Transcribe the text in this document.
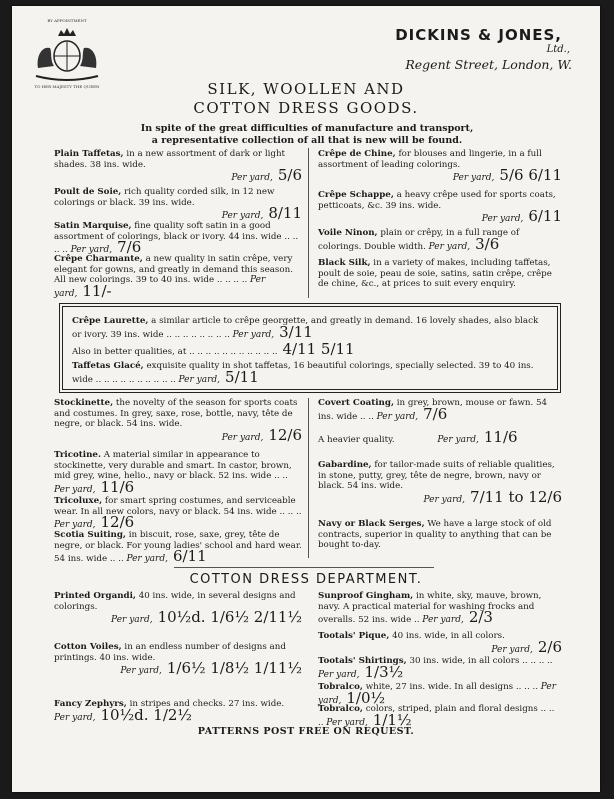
BY APPOINTMENT
TO HER MAJESTY THE QUEEN
DICKINS & JONES,
Ltd.,
Regent Street, London, W.
SILK, WOOLLEN AND
COTTON DRESS GOODS.
In spite of the great difficulties of manufacture and transport,
a representative collection of all that is new will be found.
Plain Taffetas, in a new assortment of dark or light shades. 38 ins. wide.
Per yard, 5/6
Poult de Soie, rich quality corded silk, in 12 new colorings or black. 39 ins. wide.
Per yard, 8/11
Satin Marquise, fine quality soft satin in a good assortment of colorings, black or ivory. 44 ins. wide .. .. .. .. Per yard, 7/6
Crêpe Charmante, a new quality in satin crêpe, very elegant for gowns, and greatly in demand this season. All new colorings. 39 to 40 ins. wide .. .. .. .. Per yard, 11/-
Crêpe de Chine, for blouses and lingerie, in a full assortment of leading colorings.
Per yard, 5/6 6/11
Crêpe Schappe, a heavy crêpe used for sports coats, petticoats, &c. 39 ins. wide.
Per yard, 6/11
Voile Ninon, plain or crêpy, in a full range of colorings. Double width. Per yard, 3/6
Black Silk, in a variety of makes, including taffetas, poult de soie, peau de soie, satins, satin crêpe, crêpe de chine, &c., at prices to suit every enquiry.
Crêpe Laurette, a similar article to crêpe georgette, and greatly in demand. 16 lovely shades, also black or ivory. 39 ins. wide .. .. .. .. .. .. .. .. Per yard, 3/11
Also in better qualities, at .. .. .. .. .. .. .. .. .. .. .. 4/11 5/11
Taffetas Glacé, exquisite quality in shot taffetas, 16 beautiful colorings, specially selected. 39 to 40 ins. wide .. .. .. .. .. .. .. .. .. .. Per yard, 5/11
Stockinette, the novelty of the season for sports coats and costumes. In grey, saxe, rose, bottle, navy, tête de negre, or black. 54 ins. wide.
Per yard, 12/6
Tricotine. A material similar in appearance to stockinette, very durable and smart. In castor, brown, mid grey, wine, helio., navy or black. 52 ins. wide .. .. Per yard, 11/6
Tricoluxe, for smart spring costumes, and serviceable wear. In all new colors, navy or black. 54 ins. wide .. .. .. Per yard, 12/6
Scotia Suiting, in biscuit, rose, saxe, grey, tête de negre, or black. For young ladies' school and hard wear. 54 ins. wide .. .. Per yard, 6/11
Covert Coating, in grey, brown, mouse or fawn. 54 ins. wide .. .. Per yard, 7/6
A heavier quality.	Per yard, 11/6
Gabardine, for tailor-made suits of reliable qualities, in stone, putty, grey, tête de negre, brown, navy or black. 54 ins. wide.
Per yard, 7/11 to 12/6
Navy or Black Serges, We have a large stock of old contracts, superior in quality to anything that can be bought to-day.
COTTON DRESS DEPARTMENT.
Printed Organdi, 40 ins. wide, in several designs and colorings.
Per yard, 10½d. 1/6½ 2/11½
Cotton Voiles, in an endless number of designs and printings. 40 ins. wide.
Per yard, 1/6½ 1/8½ 1/11½
Fancy Zephyrs, in stripes and checks. 27 ins. wide. Per yard, 10½d. 1/2½
Sunproof Gingham, in white, sky, mauve, brown, navy. A practical material for washing frocks and overalls. 52 ins. wide .. Per yard, 2/3
Tootals' Pique, 40 ins. wide, in all colors.
Per yard, 2/6
Tootals' Shirtings, 30 ins. wide, in all colors .. .. .. .. Per yard, 1/3½
Tobralco, white, 27 ins. wide. In all designs .. .. .. Per yard, 1/0½
Tobralco, colors, striped, plain and floral designs .. .. .. Per yard, 1/1½
PATTERNS POST FREE ON REQUEST.
